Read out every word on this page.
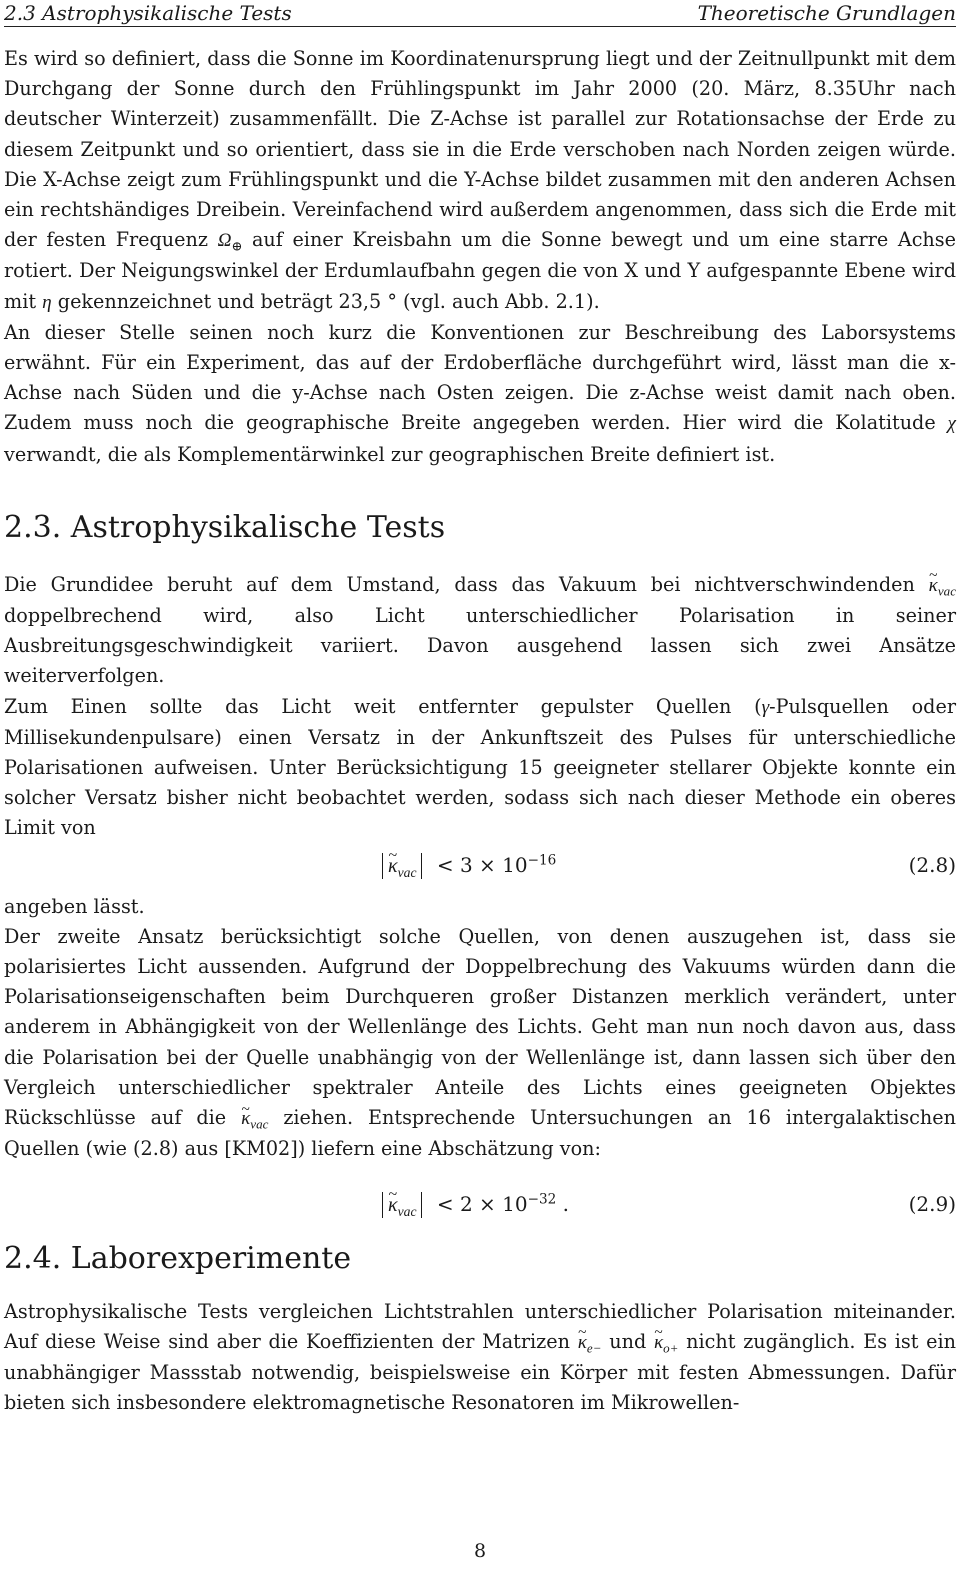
2.3 Astrophysikalische Tests	Theoretische Grundlagen

Es wird so definiert, dass die Sonne im Koordinatenursprung liegt und der Zeitnullpunkt mit dem Durchgang der Sonne durch den Frühlingspunkt im Jahr 2000 (20. März, 8.35Uhr nach deutscher Winterzeit) zusammenfällt. Die Z-Achse ist parallel zur Rotationsachse der Erde zu diesem Zeitpunkt und so orientiert, dass sie in die Erde verschoben nach Norden zeigen würde. Die X-Achse zeigt zum Frühlingspunkt und die Y-Achse bildet zusammen mit den anderen Achsen ein rechtshändiges Dreibein. Vereinfachend wird außerdem angenommen, dass sich die Erde mit der festen Frequenz $\Omega_\oplus$ auf einer Kreisbahn um die Sonne bewegt und um eine starre Achse rotiert. Der Neigungswinkel der Erdumlaufbahn gegen die von X und Y aufgespannte Ebene wird mit η gekennzeichnet und beträgt 23,5 ° (vgl. auch Abb. 2.1).

An dieser Stelle seinen noch kurz die Konventionen zur Beschreibung des Laborsystems erwähnt. Für ein Experiment, das auf der Erdoberfläche durchgeführt wird, lässt man die x-Achse nach Süden und die y-Achse nach Osten zeigen. Die z-Achse weist damit nach oben. Zudem muss noch die geographische Breite angegeben werden. Hier wird die Kolatitude χ verwandt, die als Komplementärwinkel zur geographischen Breite definiert ist.

2.3. Astrophysikalische Tests

Die Grundidee beruht auf dem Umstand, dass das Vakuum bei nichtverschwindenden ~ $\kappa_{vac}$ doppelbrechend wird, also Licht unterschiedlicher Polarisation in seiner Ausbreitungsgeschwindigkeit variiert. Davon ausgehend lassen sich zwei Ansätze weiterverfolgen.

Zum Einen sollte das Licht weit entfernter gepulster Quellen (γ-Pulsquellen oder Millisekundenpulsare) einen Versatz in der Ankunftszeit des Pulses für unterschiedliche Polarisationen aufweisen. Unter Berücksichtigung 15 geeigneter stellarer Objekte konnte ein solcher Versatz bisher nicht beobachtet werden, sodass sich nach dieser Methode ein oberes Limit von

~ $\kappa_{vac} < 3 \times 10^{-16}$	(2.8)

angeben lässt.

Der zweite Ansatz berücksichtigt solche Quellen, von denen auszugehen ist, dass sie polarisiertes Licht aussenden. Aufgrund der Doppelbrechung des Vakuums würden dann die Polarisationseigenschaften beim Durchqueren großer Distanzen merklich verändert, unter anderem in Abhängigkeit von der Wellenlänge des Lichts. Geht man nun noch davon aus, dass die Polarisation bei der Quelle unabhängig von der Wellenlänge ist, dann lassen sich über den Vergleich unterschiedlicher spektraler Anteile des Lichts eines geeigneten Objektes Rückschlüsse auf die ~ $\kappa_{vac}$ ziehen. Entsprechende Untersuchungen an 16 intergalaktischen Quellen (wie (2.8) aus [KM02]) liefern eine Abschätzung von:

~ $\kappa_{vac} < 2 \times 10^{-32}$ .	(2.9)
2.4. Laborexperimente

Astrophysikalische Tests vergleichen Lichtstrahlen unterschiedlicher Polarisation miteinander. Auf diese Weise sind aber die Koeffizienten der Matrizen ~ $\kappa_{e-}$ und ~ $\kappa_{o+}$ nicht zugänglich. Es ist ein unabhängiger Massstab notwendig, beispielsweise ein Körper mit festen Abmessungen. Dafür bieten sich insbesondere elektromagnetische Resonatoren im Mikrowellen-

8
